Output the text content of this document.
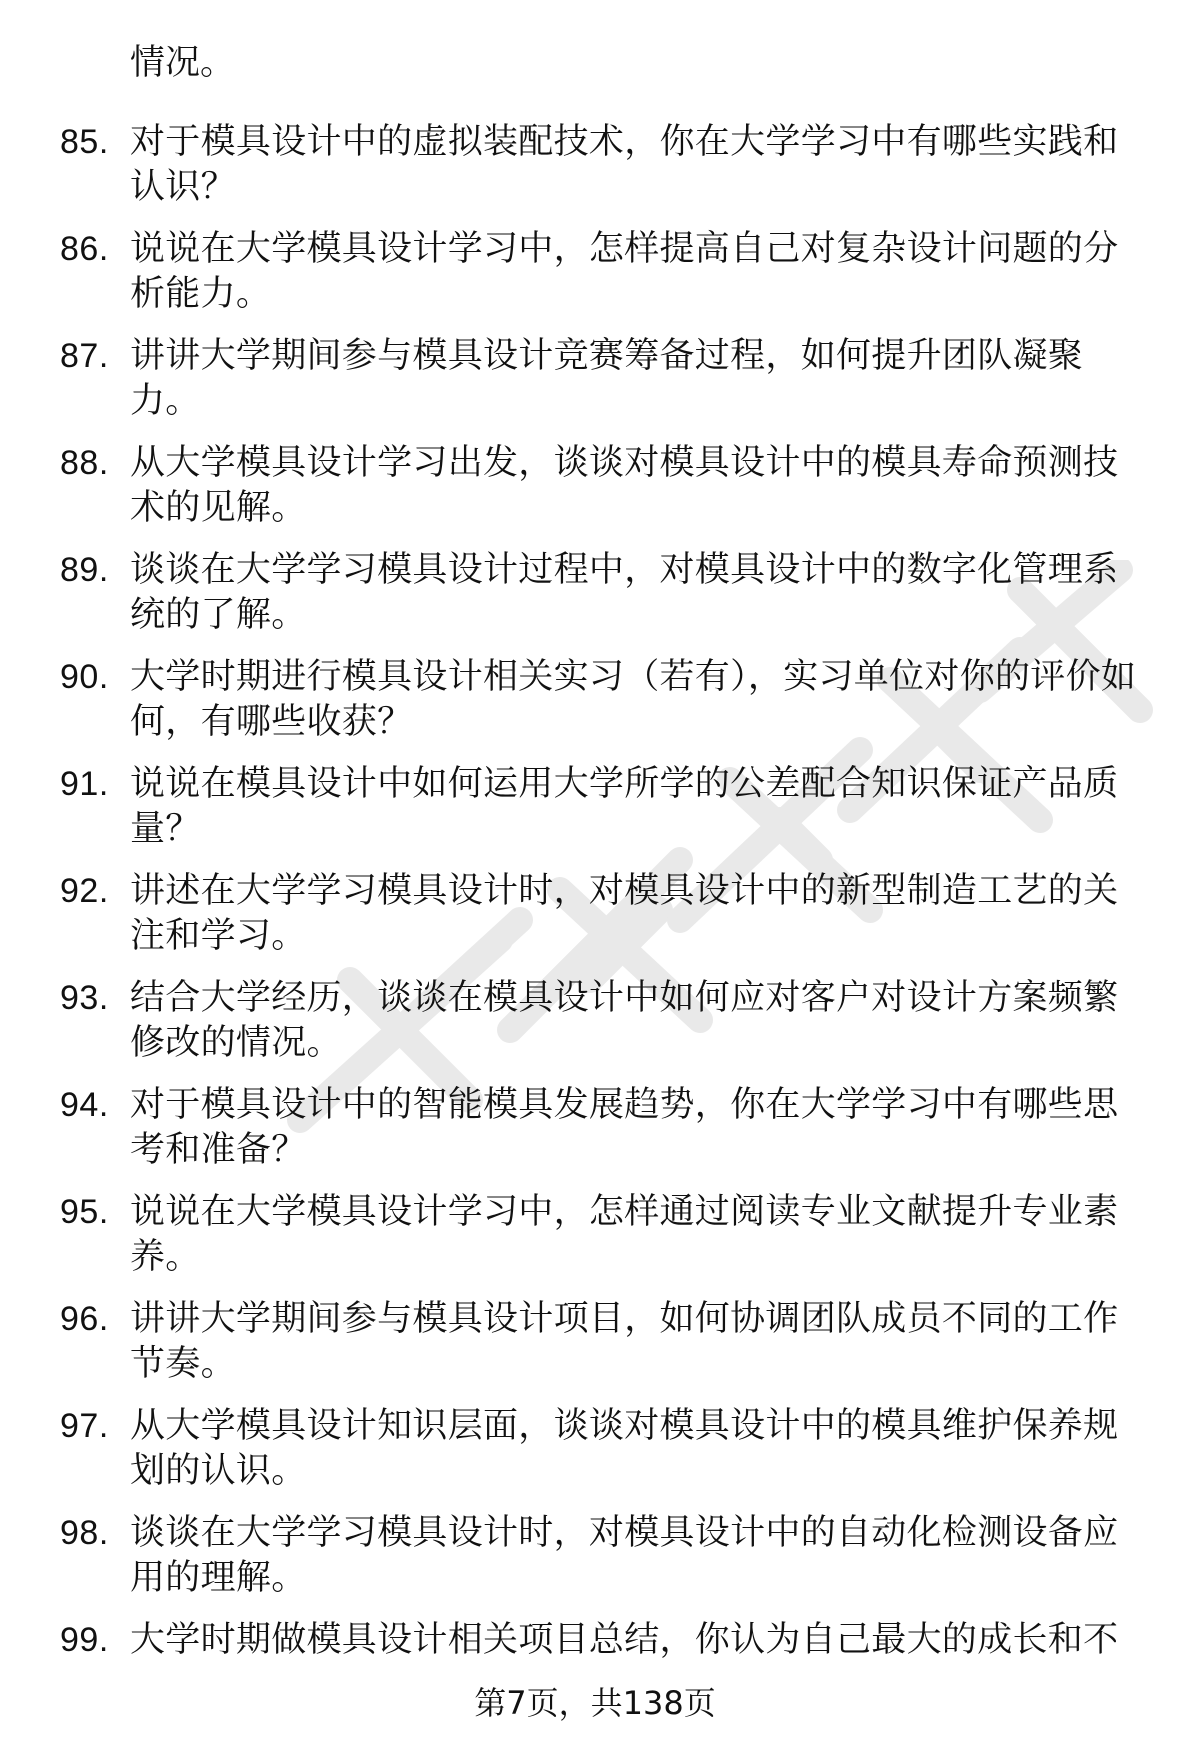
情况。
85. 对于模具设计中的虚拟装配技术，你在大学学习中有哪些实践和认识？
86. 说说在大学模具设计学习中，怎样提高自己对复杂设计问题的分析能力。
87. 讲讲大学期间参与模具设计竞赛筹备过程，如何提升团队凝聚力。
88. 从大学模具设计学习出发，谈谈对模具设计中的模具寿命预测技术的见解。
89. 谈谈在大学学习模具设计过程中，对模具设计中的数字化管理系统的了解。
90. 大学时期进行模具设计相关实习（若有），实习单位对你的评价如何，有哪些收获？
91. 说说在模具设计中如何运用大学所学的公差配合知识保证产品质量？
92. 讲述在大学学习模具设计时，对模具设计中的新型制造工艺的关注和学习。
93. 结合大学经历，谈谈在模具设计中如何应对客户对设计方案频繁修改的情况。
94. 对于模具设计中的智能模具发展趋势，你在大学学习中有哪些思考和准备？
95. 说说在大学模具设计学习中，怎样通过阅读专业文献提升专业素养。
96. 讲讲大学期间参与模具设计项目，如何协调团队成员不同的工作节奏。
97. 从大学模具设计知识层面，谈谈对模具设计中的模具维护保养规划的认识。
98. 谈谈在大学学习模具设计时，对模具设计中的自动化检测设备应用的理解。
99. 大学时期做模具设计相关项目总结，你认为自己最大的成长和不
第7页，共138页
